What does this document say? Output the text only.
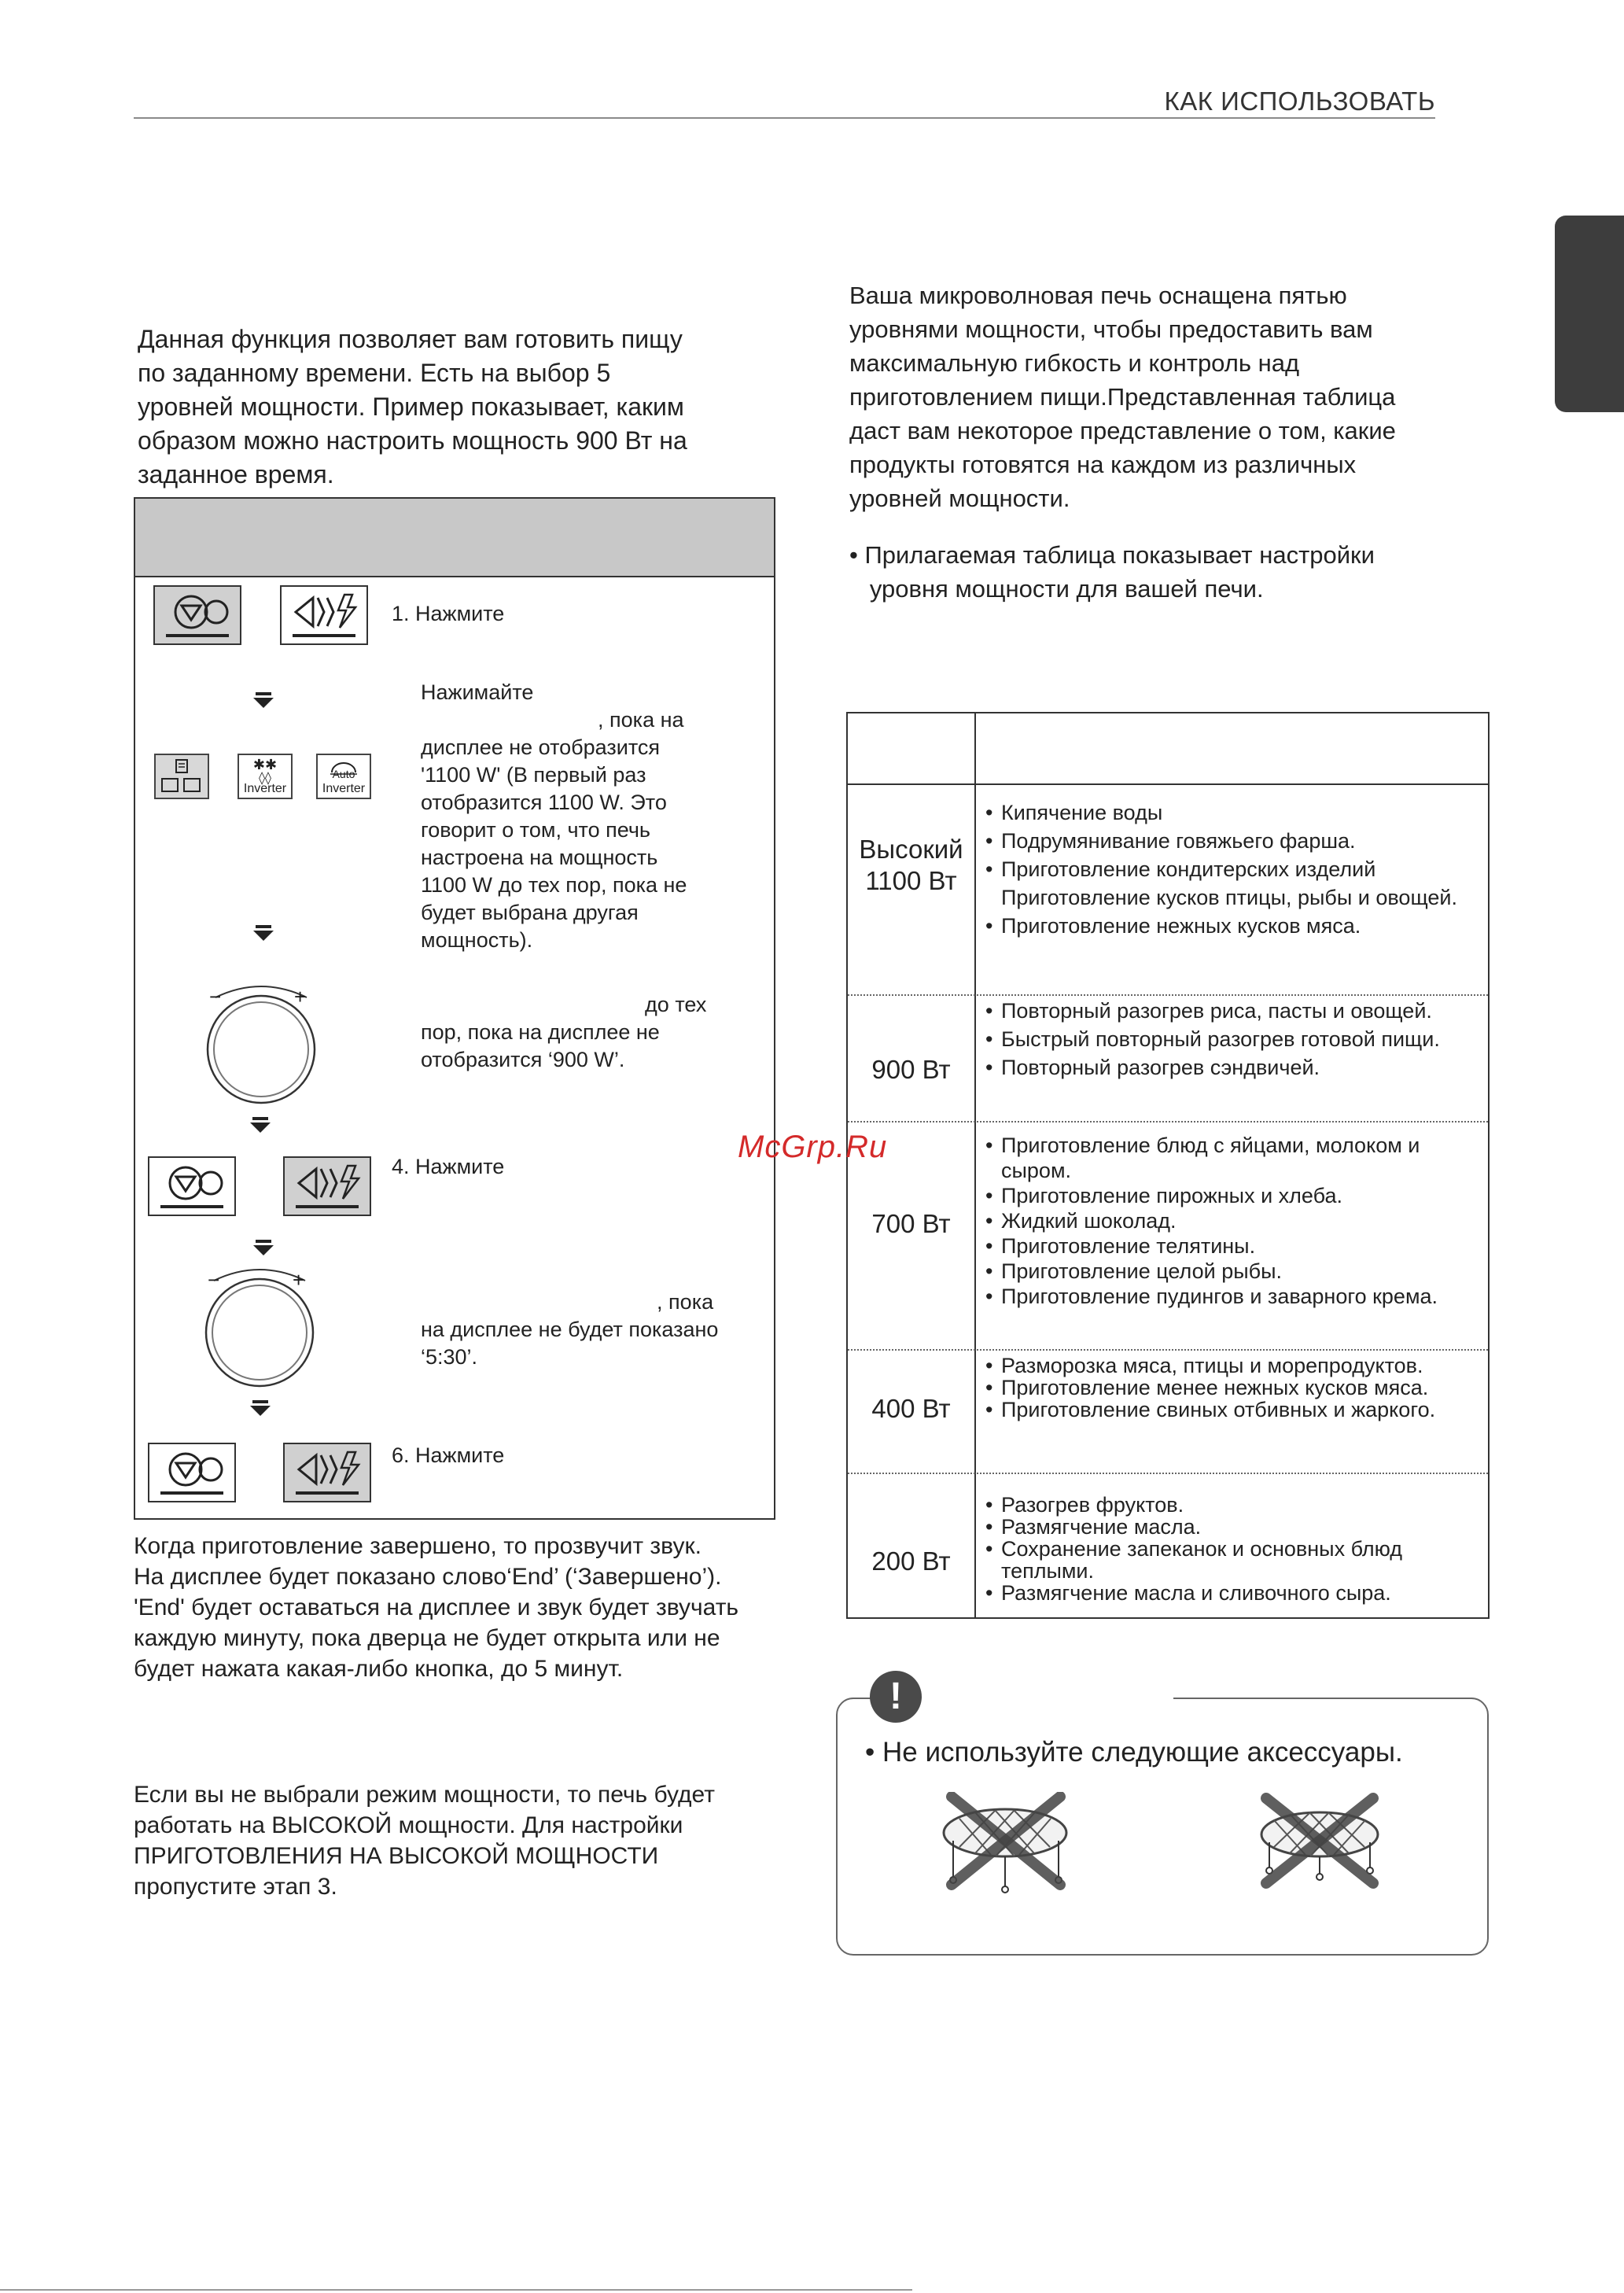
КАК ИСПОЛЬЗОВАТЬ
Данная функция позволяет вам готовить пищу
по заданному времени. Есть на выбор 5
уровней мощности. Пример показывает, каким
образом можно настроить мощность 900 Вт на
заданное время.
1. Нажмите
✱✱
◊◊
Inverter
Auto
Inverter
Нажимайте
, пока на
дисплее не отобразится
'1100 W' (В первый раз
отобразится 1100 W. Это
говорит о том, что печь
настроена на мощность
1100 W до тех пор, пока не
будет выбрана другая
мощность).
−	+	до тех
пор, пока на дисплее не
отобразится ‘900 W’.
4. Нажмите
−	+
, пока
на дисплее не будет показано
‘5:30’.
6. Нажмите
Когда приготовление завершено, то прозвучит звук.
На дисплее будет показано слово‘End’ (‘Завершено’).
'End' будет оставаться на дисплее и звук будет звучать
каждую минуту, пока дверца не будет открыта или не
будет нажата какая-либо кнопка, до 5 минут.
Если вы не выбрали режим мощности, то печь будет
работать на ВЫСОКОЙ мощности. Для настройки
ПРИГОТОВЛЕНИЯ НА ВЫСОКОЙ МОЩНОСТИ
пропустите этап 3.
Ваша микроволновая печь оснащена пятью
уровнями мощности, чтобы предоставить вам
максимальную гибкость и контроль над
приготовлением пищи.Представленная таблица
даст вам некоторое представление о том, какие
продукты готовятся на каждом из различных
уровней мощности.
• Прилагаемая таблица показывает настройки
уровня мощности для вашей печи.
Высокий
1100 Вт
• Кипячение воды
• Подрумянивание говяжьего фарша.
• Приготовление кондитерских изделий Приготовление кусков птицы, рыбы и овощей.
• Приготовление нежных кусков мяса.
900 Вт
• Повторный разогрев риса, пасты и овощей.
• Быстрый повторный разогрев готовой пищи.
• Повторный разогрев сэндвичей.
700 Вт
• Приготовление блюд с яйцами, молоком и сыром.
• Приготовление пирожных и хлеба.
• Жидкий шоколад.
• Приготовление телятины.
• Приготовление целой рыбы.
• Приготовление пудингов и заварного крема.
400 Вт
• Разморозка мяса, птицы и морепродуктов.
• Приготовление менее нежных кусков мяса.
• Приготовление свиных отбивных и жаркого.
200 Вт
• Разогрев фруктов.
• Размягчение масла.
• Сохранение запеканок и основных блюд теплыми.
• Размягчение масла и сливочного сыра.
!
• Не используйте следующие аксессуары.
McGrp.Ru
